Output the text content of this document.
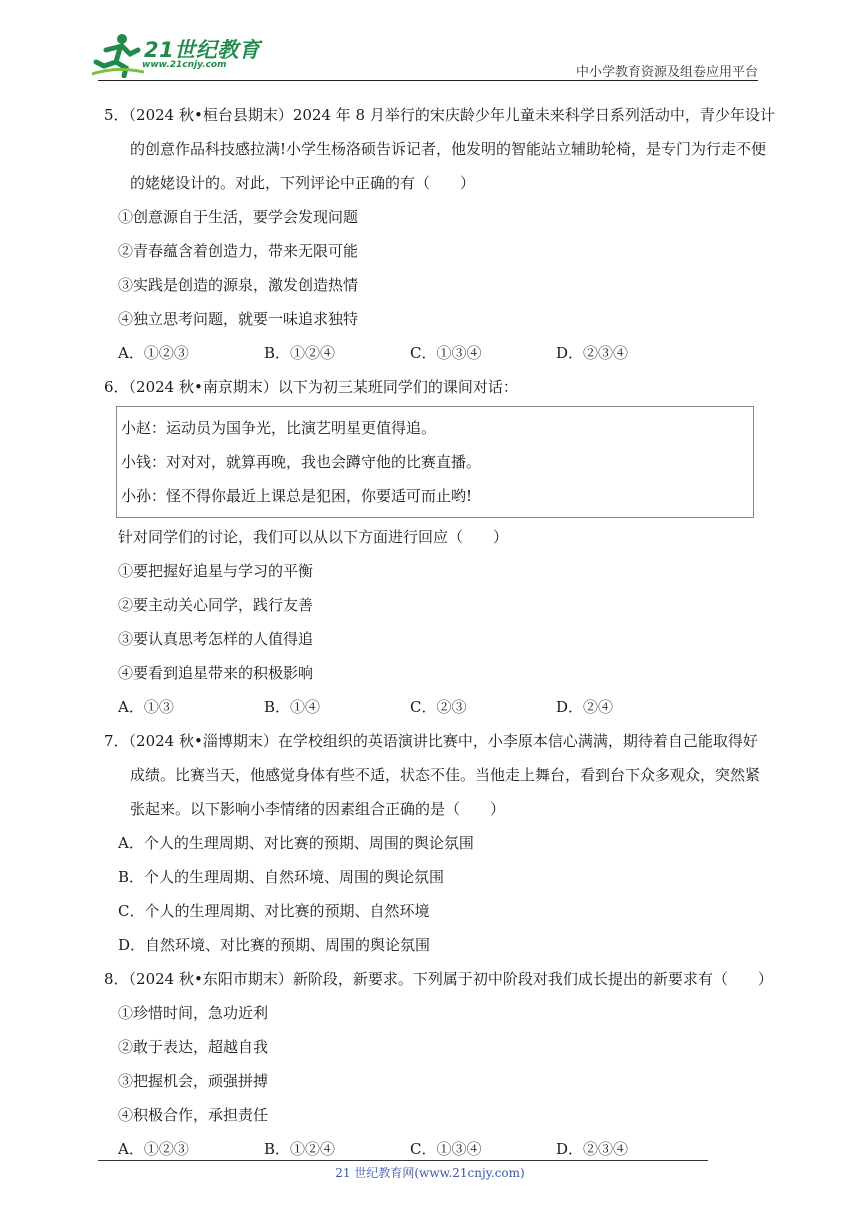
21世纪教育
www.21cnjy.com	中小学教育资源及组卷应用平台
5．（2024 秋•桓台县期末）2024 年 8 月举行的宋庆龄少年儿童未来科学日系列活动中，青少年设计
的创意作品科技感拉满!小学生杨洛硕告诉记者，他发明的智能站立辅助轮椅，是专门为行走不便
的姥姥设计的。对此，下列评论中正确的有（　　）
①创意源自于生活，要学会发现问题
②青春蕴含着创造力，带来无限可能
③实践是创造的源泉，激发创造热情
④独立思考问题，就要一味追求独特
A．①②③	B．①②④	C．①③④	D．②③④
6．（2024 秋•南京期末）以下为初三某班同学们的课间对话：
小赵：运动员为国争光，比演艺明星更值得追。
小钱：对对对，就算再晚，我也会蹲守他的比赛直播。
小孙：怪不得你最近上课总是犯困，你要适可而止哟!
针对同学们的讨论，我们可以从以下方面进行回应（　　）
①要把握好追星与学习的平衡
②要主动关心同学，践行友善
③要认真思考怎样的人值得追
④要看到追星带来的积极影响
A．①③	B．①④	C．②③	D．②④
7．（2024 秋•淄博期末）在学校组织的英语演讲比赛中，小李原本信心满满，期待着自己能取得好
成绩。比赛当天，他感觉身体有些不适，状态不佳。当他走上舞台，看到台下众多观众，突然紧
张起来。以下影响小李情绪的因素组合正确的是（　　）
A．个人的生理周期、对比赛的预期、周围的舆论氛围
B．个人的生理周期、自然环境、周围的舆论氛围
C．个人的生理周期、对比赛的预期、自然环境
D．自然环境、对比赛的预期、周围的舆论氛围
8．（2024 秋•东阳市期末）新阶段，新要求。下列属于初中阶段对我们成长提出的新要求有（　　）
①珍惜时间，急功近利
②敢于表达，超越自我
③把握机会，顽强拼搏
④积极合作，承担责任
A．①②③	B．①②④	C．①③④	D．②③④
21 世纪教育网(www.21cnjy.com)
